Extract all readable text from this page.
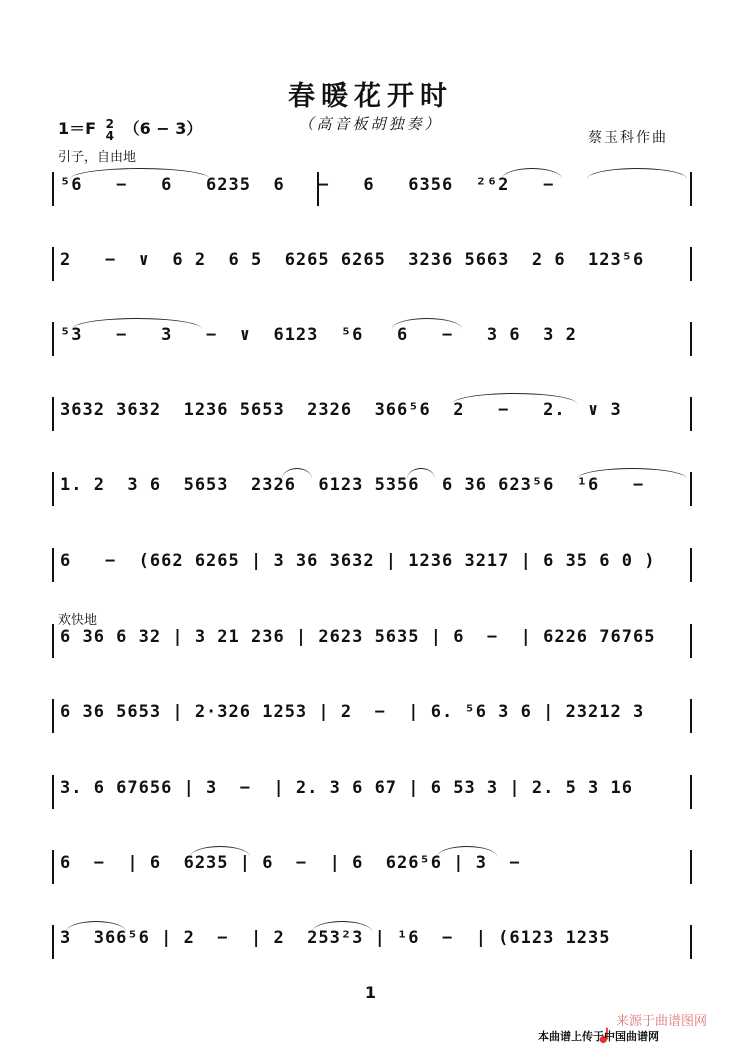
春暖花开时
（高音板胡独奏）
1＝F 2
4 （6 − 3）	蔡玉科作曲
引子，自由地
欢快地
⁵6   −   6   6235  6   −   6   6356  ²⁶2   −
2   −  ∨  6 2  6 5  6265 6265  3236 5663  2 6  123⁵6
⁵3   −   3   −  ∨  6123  ⁵6   6   −   3 6  3 2
3632 3632  1236 5653  2326  366⁵6  2   −   2.  ∨ 3
1. 2  3 6  5653  2326  6123 5356  6 36 623⁵6  ¹6   −
6   −  (662 6265 | 3 36 3632 | 1236 3217 | 6 35 6 0 )
6 36 6 32 | 3 21 236 | 2623 5635 | 6  −  | 6226 76765
6 36 5653 | 2·326 1253 | 2  −  | 6. ⁵6 3 6 | 23212 3
3. 6 67656 | 3  −  | 2. 3 6 67 | 6 53 3 | 2. 5 3 16
6  −  | 6  6235 | 6  −  | 6  626⁵6 | 3  −
3  366⁵6 | 2  −  | 2  253²3 | ¹6  −  | (6123 1235
1
来源于曲谱图网
本曲谱上传于中国曲谱网
